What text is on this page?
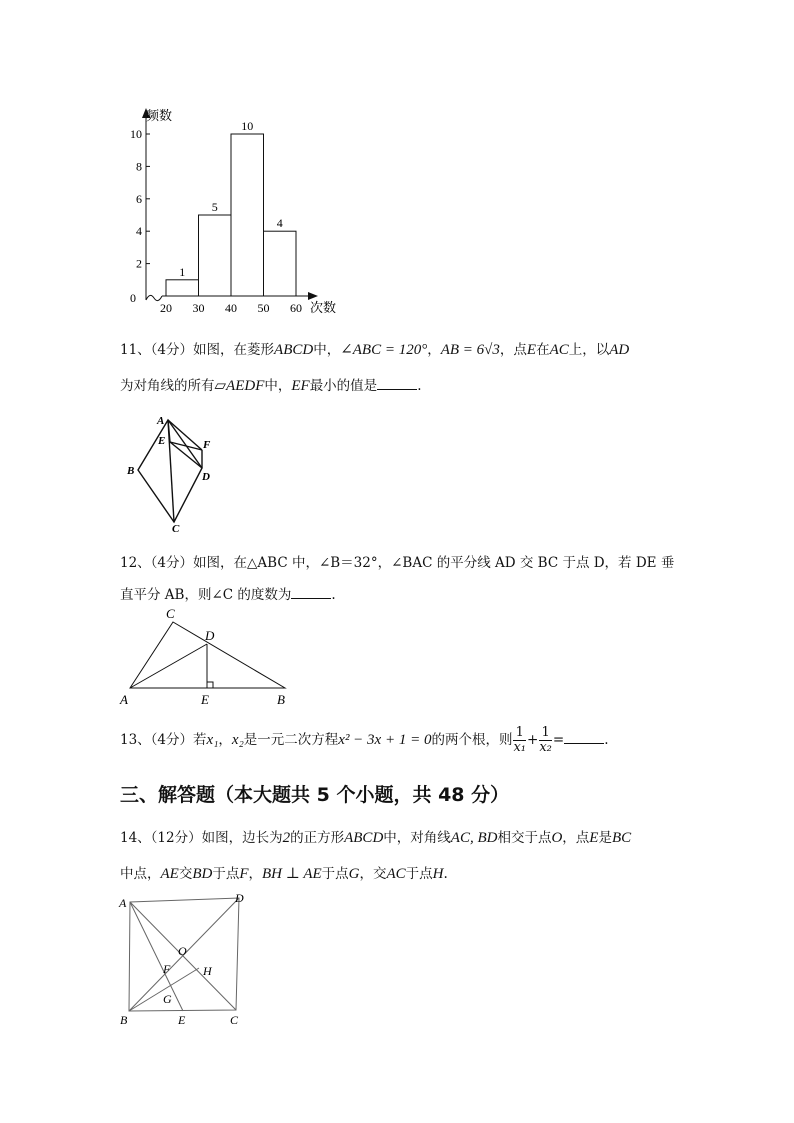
频数
次数
0
2
4
6
8
10
20 30 40 50 60
1
5
10
4
11、（4分）如图，在菱形ABCD中，∠ABC = 120°，AB = 6√3，点E在AC上，以AD
为对角线的所有▱AEDF中，EF最小的值是	.
A
E	F
B	D
C
12、（4分）如图，在△ABC 中，∠B＝32°，∠BAC 的平分线 AD 交 BC 于点 D，若 DE 垂
直平分 AB，则∠C 的度数为	.
C
D
A	E	B
13、（4分）若x₁，x₂是一元二次方程x² − 3x + 1 = 0的两个根，则 $\frac{1}{\text{x₁}} + \frac{1}{\text{x₂}}$ =	.
三、解答题（本大题共 5 个小题，共 48 分）
14、（12分）如图，边长为2的正方形ABCD中，对角线AC, BD相交于点O，点E是BC
中点，AE交BD于点F，BH ⊥ AE于点G，交AC于点H.
A	D
O
F	H
G
B	E	C
